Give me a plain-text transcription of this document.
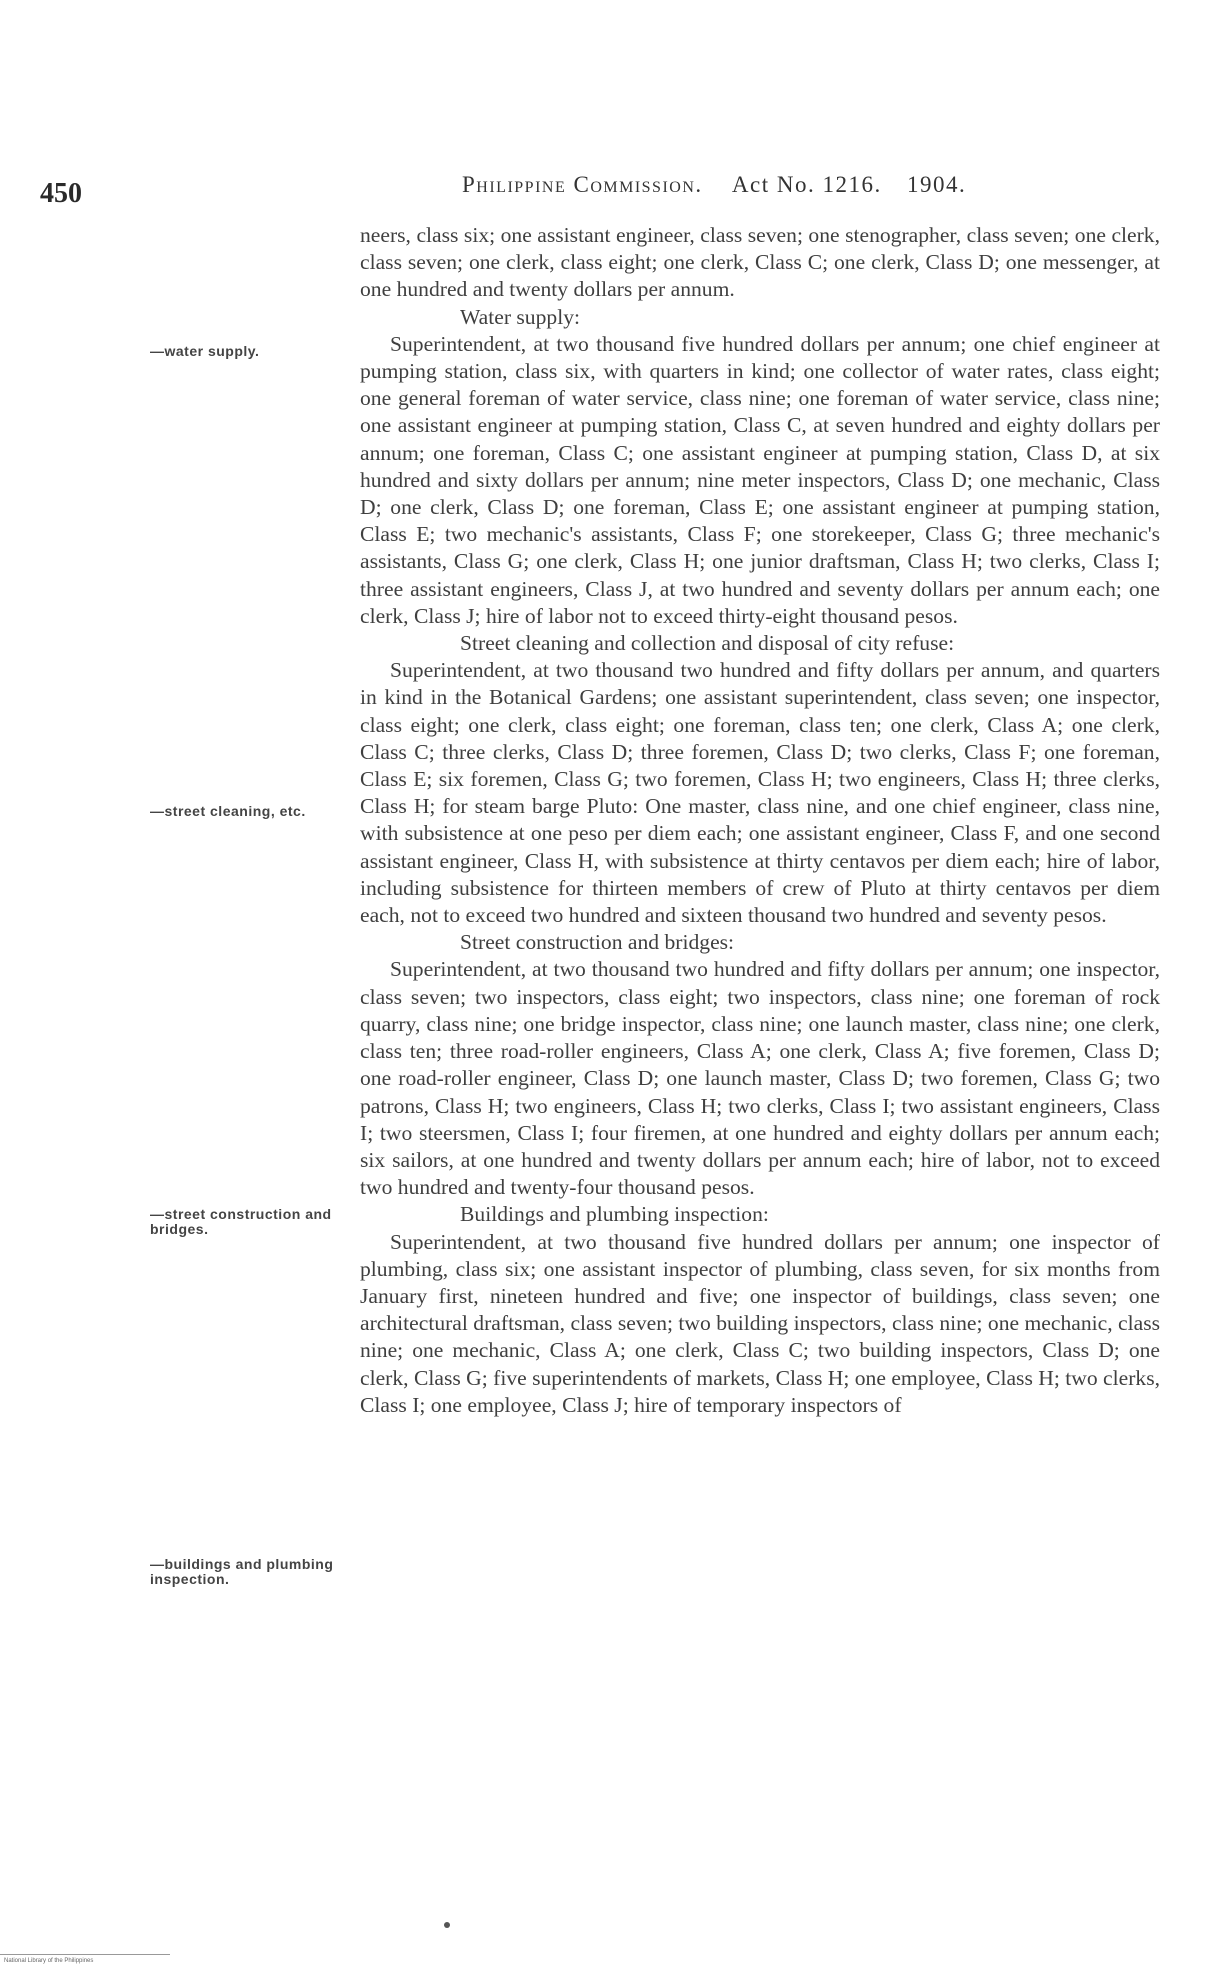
450	Philippine Commission. Act No. 1216. 1904.
—water supply.
—street cleaning, etc.
—street construction and bridges.
—buildings and plumbing inspection.

neers, class six; one assistant engineer, class seven; one stenographer, class seven; one clerk, class seven; one clerk, class eight; one clerk, Class C; one clerk, Class D; one messenger, at one hundred and twenty dollars per annum.

Water supply:

Superintendent, at two thousand five hundred dollars per annum; one chief engineer at pumping station, class six, with quarters in kind; one collector of water rates, class eight; one general foreman of water service, class nine; one foreman of water service, class nine; one assistant engineer at pumping station, Class C, at seven hundred and eighty dollars per annum; one foreman, Class C; one assistant engineer at pumping station, Class D, at six hundred and sixty dollars per annum; nine meter inspectors, Class D; one mechanic, Class D; one clerk, Class D; one foreman, Class E; one assistant engineer at pumping station, Class E; two mechanic's assistants, Class F; one storekeeper, Class G; three mechanic's assistants, Class G; one clerk, Class H; one junior draftsman, Class H; two clerks, Class I; three assistant engineers, Class J, at two hundred and seventy dollars per annum each; one clerk, Class J; hire of labor not to exceed thirty-eight thousand pesos.

Street cleaning and collection and disposal of city refuse:

Superintendent, at two thousand two hundred and fifty dollars per annum, and quarters in kind in the Botanical Gardens; one assistant superintendent, class seven; one inspector, class eight; one clerk, class eight; one foreman, class ten; one clerk, Class A; one clerk, Class C; three clerks, Class D; three foremen, Class D; two clerks, Class F; one foreman, Class E; six foremen, Class G; two foremen, Class H; two engineers, Class H; three clerks, Class H; for steam barge Pluto: One master, class nine, and one chief engineer, class nine, with subsistence at one peso per diem each; one assistant engineer, Class F, and one second assistant engineer, Class H, with subsistence at thirty centavos per diem each; hire of labor, including subsistence for thirteen members of crew of Pluto at thirty centavos per diem each, not to exceed two hundred and sixteen thousand two hundred and seventy pesos.

Street construction and bridges:

Superintendent, at two thousand two hundred and fifty dollars per annum; one inspector, class seven; two inspectors, class eight; two inspectors, class nine; one foreman of rock quarry, class nine; one bridge inspector, class nine; one launch master, class nine; one clerk, class ten; three road-roller engineers, Class A; one clerk, Class A; five foremen, Class D; one road-roller engineer, Class D; one launch master, Class D; two foremen, Class G; two patrons, Class H; two engineers, Class H; two clerks, Class I; two assistant engineers, Class I; two steersmen, Class I; four firemen, at one hundred and eighty dollars per annum each; six sailors, at one hundred and twenty dollars per annum each; hire of labor, not to exceed two hundred and twenty-four thousand pesos.

Buildings and plumbing inspection:

Superintendent, at two thousand five hundred dollars per annum; one inspector of plumbing, class six; one assistant inspector of plumbing, class seven, for six months from January first, nineteen hundred and five; one inspector of buildings, class seven; one architectural draftsman, class seven; two building inspectors, class nine; one mechanic, class nine; one mechanic, Class A; one clerk, Class C; two building inspectors, Class D; one clerk, Class G; five superintendents of markets, Class H; one employee, Class H; two clerks, Class I; one employee, Class J; hire of temporary inspectors of

National Library of the Philippines
